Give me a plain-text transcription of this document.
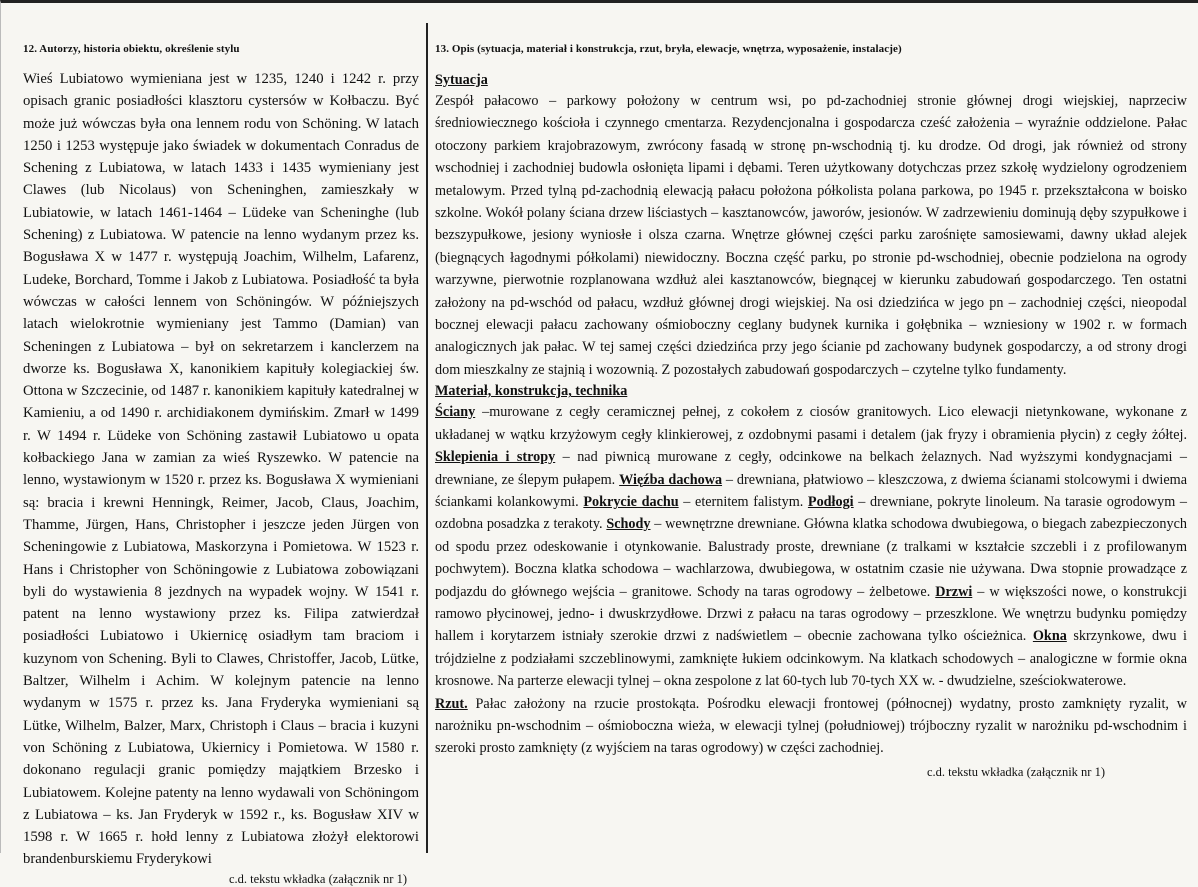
12. Autorzy, historia obiektu, określenie stylu

Wieś Lubiatowo wymieniana jest w 1235, 1240 i 1242 r. przy opisach granic posiadłości klasztoru cystersów w Kołbaczu. Być może już wówczas była ona lennem rodu von Schöning. W latach 1250 i 1253 występuje jako świadek w dokumentach Conradus de Schening z Lubiatowa, w latach 1433 i 1435 wymieniany jest Clawes (lub Nicolaus) von Scheninghen, zamieszkały w Lubiatowie, w latach 1461-1464 – Lüdeke van Scheninghe (lub Schening) z Lubiatowa. W patencie na lenno wydanym przez ks. Bogusława X w 1477 r. występują Joachim, Wilhelm, Lafarenz, Ludeke, Borchard, Tomme i Jakob z Lubiatowa. Posiadłość ta była wówczas w całości lennem von Schöningów. W późniejszych latach wielokrotnie wymieniany jest Tammo (Damian) van Scheningen z Lubiatowa – był on sekretarzem i kanclerzem na dworze ks. Bogusława X, kanonikiem kapituły kolegiackiej św. Ottona w Szczecinie, od 1487 r. kanonikiem kapituły katedralnej w Kamieniu, a od 1490 r. archidiakonem dymińskim. Zmarł w 1499 r. W 1494 r. Lüdeke von Schöning zastawił Lubiatowo u opata kołbackiego Jana w zamian za wieś Ryszewko. W patencie na lenno, wystawionym w 1520 r. przez ks. Bogusława X wymieniani są: bracia i krewni Henningk, Reimer, Jacob, Claus, Joachim, Thamme, Jürgen, Hans, Christopher i jeszcze jeden Jürgen von Scheningowie z Lubiatowa, Maskorzyna i Pomietowa. W 1523 r. Hans i Christopher von Schöningowie z Lubiatowa zobowiązani byli do wystawienia 8 jezdnych na wypadek wojny. W 1541 r. patent na lenno wystawiony przez ks. Filipa zatwierdzał posiadłości Lubiatowo i Ukiernicę osiadłym tam braciom i kuzynom von Schening. Byli to Clawes, Christoffer, Jacob, Lütke, Baltzer, Wilhelm i Achim. W kolejnym patencie na lenno wydanym w 1575 r. przez ks. Jana Fryderyka wymieniani są Lütke, Wilhelm, Balzer, Marx, Christoph i Claus – bracia i kuzyni von Schöning z Lubiatowa, Ukiernicy i Pomietowa. W 1580 r. dokonano regulacji granic pomiędzy majątkiem Brzesko i Lubiatowem. Kolejne patenty na lenno wydawali von Schöningom z Lubiatowa – ks. Jan Fryderyk w 1592 r., ks. Bogusław XIV w 1598 r. W 1665 r. hołd lenny z Lubiatowa złożył elektorowi brandenburskiemu Fryderykowi

c.d. tekstu wkładka (załącznik nr 1)

13. Opis (sytuacja, materiał i konstrukcja, rzut, bryła, elewacje, wnętrza, wyposażenie, instalacje)

Sytuacja

Zespół pałacowo – parkowy położony w centrum wsi, po pd-zachodniej stronie głównej drogi wiejskiej, naprzeciw średniowiecznego kościoła i czynnego cmentarza. Rezydencjonalna i gospodarcza cześć założenia – wyraźnie oddzielone. Pałac otoczony parkiem krajobrazowym, zwrócony fasadą w stronę pn-wschodnią tj. ku drodze. Od drogi, jak również od strony wschodniej i zachodniej budowla osłonięta lipami i dębami. Teren użytkowany dotychczas przez szkołę wydzielony ogrodzeniem metalowym. Przed tylną pd-zachodnią elewacją pałacu położona półkolista polana parkowa, po 1945 r. przekształcona w boisko szkolne. Wokół polany ściana drzew liściastych – kasztanowców, jaworów, jesionów. W zadrzewieniu dominują dęby szypułkowe i bezszypułkowe, jesiony wyniosłe i olsza czarna. Wnętrze głównej części parku zarośnięte samosiewami, dawny układ alejek (biegnących łagodnymi półkolami) niewidoczny. Boczna część parku, po stronie pd-wschodniej, obecnie podzielona na ogrody warzywne, pierwotnie rozplanowana wzdłuż alei kasztanowców, biegnącej w kierunku zabudowań gospodarczego. Ten ostatni założony na pd-wschód od pałacu, wzdłuż głównej drogi wiejskiej. Na osi dziedzińca w jego pn – zachodniej części, nieopodal bocznej elewacji pałacu zachowany ośmioboczny ceglany budynek kurnika i gołębnika – wzniesiony w 1902 r. w formach analogicznych jak pałac. W tej samej części dziedzińca przy jego ścianie pd zachowany budynek gospodarczy, a od strony drogi dom mieszkalny ze stajnią i wozownią. Z pozostałych zabudowań gospodarczych – czytelne tylko fundamenty.

Materiał, konstrukcja, technika

Ściany –murowane z cegły ceramicznej pełnej, z cokołem z ciosów granitowych. Lico elewacji nietynkowane, wykonane z układanej w wątku krzyżowym cegły klinkierowej, z ozdobnymi pasami i detalem (jak fryzy i obramienia płycin) z cegły żółtej. Sklepienia i stropy – nad piwnicą murowane z cegły, odcinkowe na belkach żelaznych. Nad wyższymi kondygnacjami – drewniane, ze ślepym pułapem. Więźba dachowa – drewniana, płatwiowo – kleszczowa, z dwiema ścianami stolcowymi i dwiema ściankami kolankowymi. Pokrycie dachu – eternitem falistym. Podłogi – drewniane, pokryte linoleum. Na tarasie ogrodowym – ozdobna posadzka z terakoty. Schody – wewnętrzne drewniane. Główna klatka schodowa dwubiegowa, o biegach zabezpieczonych od spodu przez odeskowanie i otynkowanie. Balustrady proste, drewniane (z tralkami w kształcie szczebli i z profilowanym pochwytem). Boczna klatka schodowa – wachlarzowa, dwubiegowa, w ostatnim czasie nie używana. Dwa stopnie prowadzące z podjazdu do głównego wejścia – granitowe. Schody na taras ogrodowy – żelbetowe. Drzwi – w większości nowe, o konstrukcji ramowo płycinowej, jedno- i dwuskrzydłowe. Drzwi z pałacu na taras ogrodowy – przeszklone. We wnętrzu budynku pomiędzy hallem i korytarzem istniały szerokie drzwi z nadświetlem – obecnie zachowana tylko ościeżnica. Okna skrzynkowe, dwu i trójdzielne z podziałami szczeblinowymi, zamknięte łukiem odcinkowym. Na klatkach schodowych – analogiczne w formie okna krosnowe. Na parterze elewacji tylnej – okna zespolone z lat 60-tych lub 70-tych XX w. - dwudzielne, sześciokwaterowe.

Rzut. Pałac założony na rzucie prostokąta. Pośrodku elewacji frontowej (północnej) wydatny, prosto zamknięty ryzalit, w narożniku pn-wschodnim – ośmioboczna wieża, w elewacji tylnej (południowej) trójboczny ryzalit w narożniku pd-wschodnim i szeroki prosto zamknięty (z wyjściem na taras ogrodowy) w części zachodniej.

c.d. tekstu wkładka (załącznik nr 1)
